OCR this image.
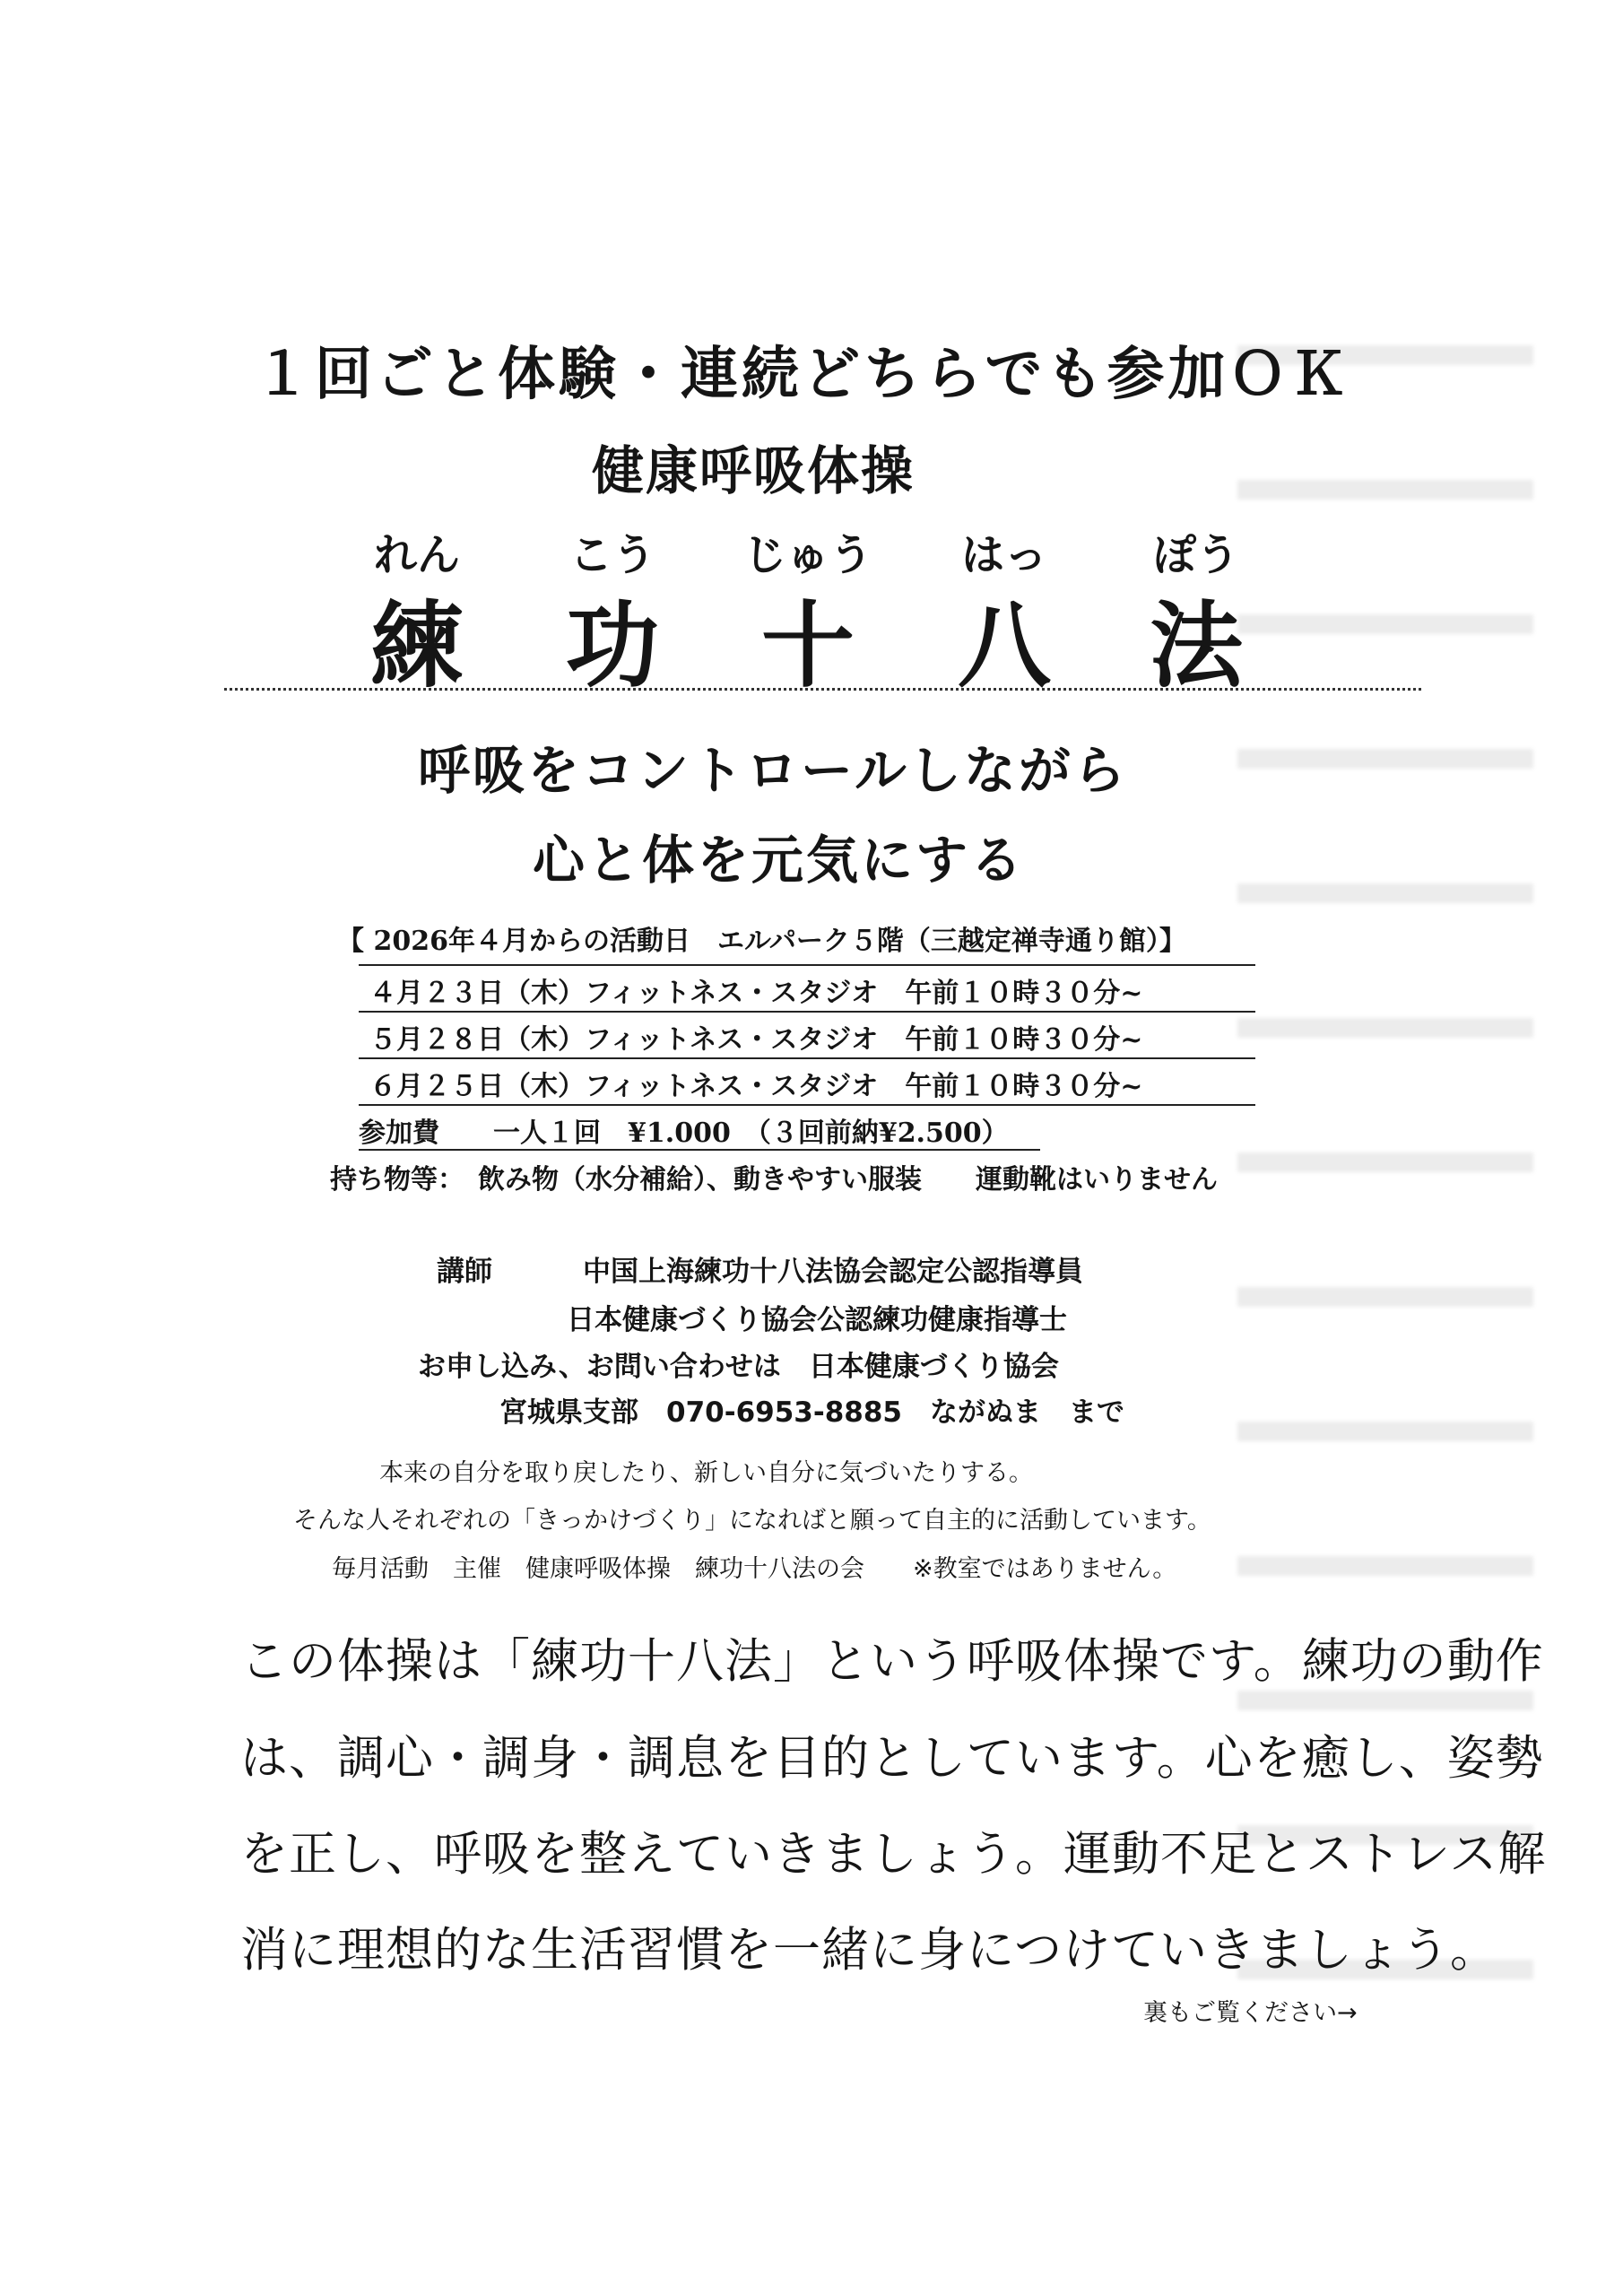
１回ごと体験・連続どちらでも参加ＯＫ
健康呼吸体操
れん	こう	じゅう	はっ	ぽう
練	功	十	八	法
呼吸をコントロールしながら
心と体を元気にする
【 2026年４月からの活動日　エルパーク５階（三越定禅寺通り館）】
４月２３日（木）フィットネス・スタジオ　午前１０時３０分~
５月２８日（木）フィットネス・スタジオ　午前１０時３０分~
６月２５日（木）フィットネス・スタジオ　午前１０時３０分~
参加費　　一人１回　¥1.000　（３回前納¥2.500）
持ち物等：　飲み物（水分補給）、動きやすい服装　　運動靴はいりません
講師	中国上海練功十八法協会認定公認指導員
日本健康づくり協会公認練功健康指導士
お申し込み、お問い合わせは　日本健康づくり協会
宮城県支部　070-6953-8885　ながぬま　まで
本来の自分を取り戻したり、新しい自分に気づいたりする。
そんな人それぞれの「きっかけづくり」になればと願って自主的に活動しています。
毎月活動　主催　健康呼吸体操　練功十八法の会　　※教室ではありません。
この体操は「練功十八法」という呼吸体操です。練功の動作
は、調心・調身・調息を目的としています。心を癒し、姿勢
を正し、呼吸を整えていきましょう。運動不足とストレス解
消に理想的な生活習慣を一緒に身につけていきましょう。
裏もご覧ください→
